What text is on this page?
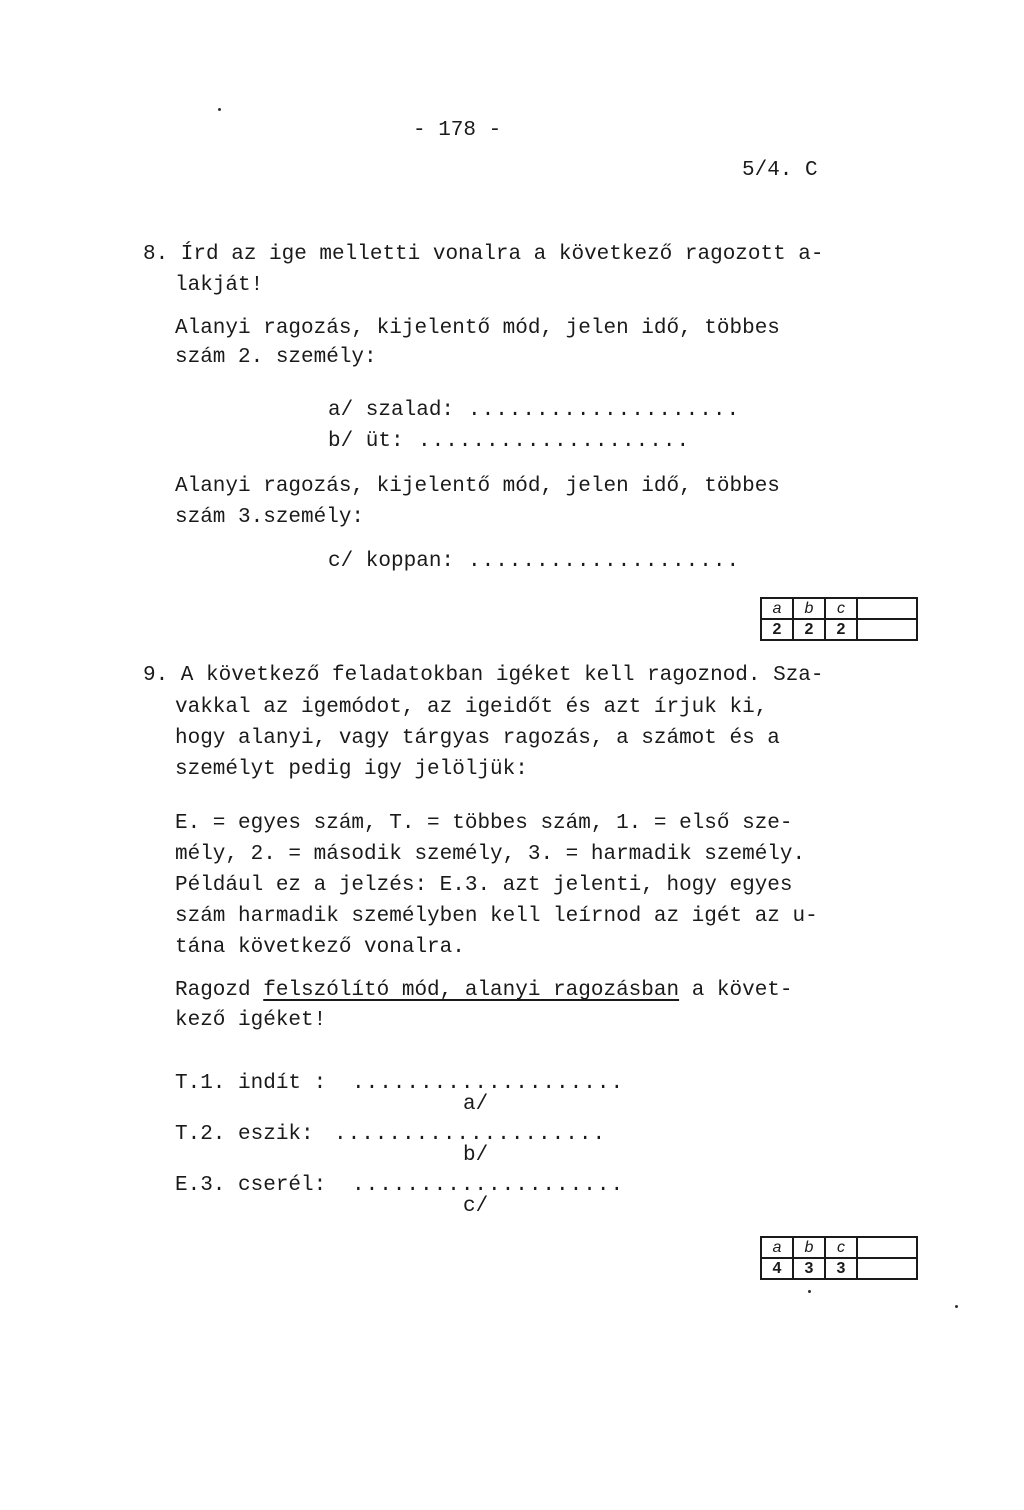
- 178 -
5/4. C
8. Írd az ige melletti vonalra a következő ragozott a-
lakját!
Alanyi ragozás, kijelentő mód, jelen idő, többes
szám 2. személy:
a/ szalad: ....................
b/ üt: ....................
Alanyi ragozás, kijelentő mód, jelen idő, többes
szám 3.személy:
c/ koppan: ....................
a	b	c
2	2	2
9. A következő feladatokban igéket kell ragoznod. Sza-
vakkal az igemódot, az igeidőt és azt írjuk ki,
hogy alanyi, vagy tárgyas ragozás, a számot és a
személyt pedig igy jelöljük:
E. = egyes szám, T. = többes szám, 1. = első sze-
mély, 2. = második személy, 3. = harmadik személy.
Például ez a jelzés: E.3. azt jelenti, hogy egyes
szám harmadik személyben kell leírnod az igét az u-
tána következő vonalra.
Ragozd felszólító mód, alanyi ragozásban a követ-
kező igéket!
T.1. indít : ....................
a/
T.2. eszik: ....................
b/
E.3. cserél: ....................
c/
a	b	c
4	3	3
